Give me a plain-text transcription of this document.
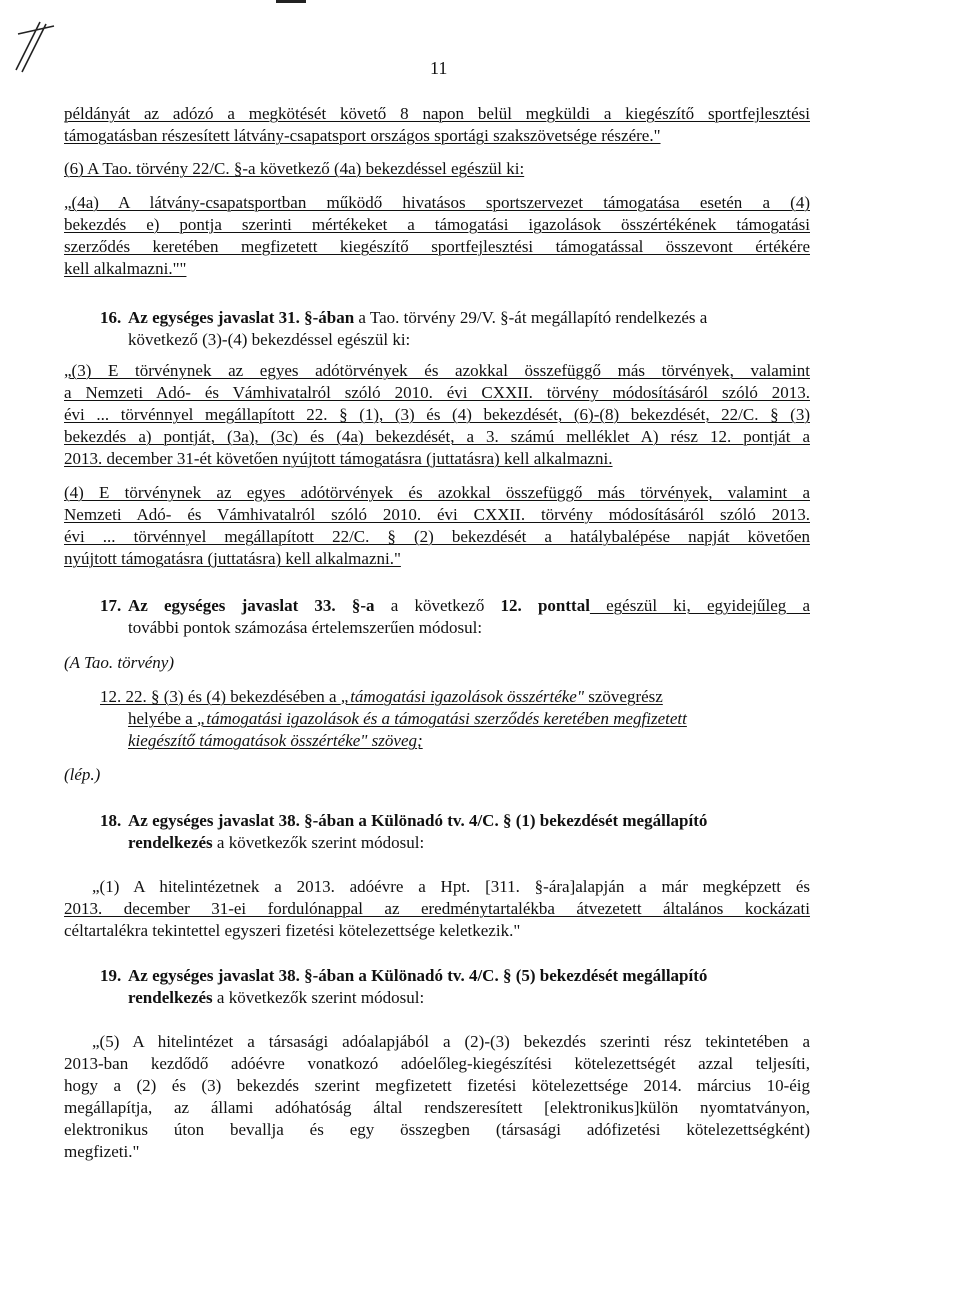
11
példányát az adózó a megkötését követő 8 napon belül megküldi a kiegészítő sportfejlesztési
támogatásban részesített látvány-csapatsport országos sportági szakszövetsége részére."
(6) A Tao. törvény 22/C. §-a következő (4a) bekezdéssel egészül ki:
„(4a) A látvány-csapatsportban működő hivatásos sportszervezet támogatása esetén a (4)
bekezdés e) pontja szerinti mértékeket a támogatási igazolások összértékének támogatási
szerződés keretében megfizetett kiegészítő sportfejlesztési támogatással összevont értékére
kell alkalmazni.""
16. Az egységes javaslat 31. §-ában a Tao. törvény 29/V. §-át megállapító rendelkezés a
következő (3)-(4) bekezdéssel egészül ki:
„(3) E törvénynek az egyes adótörvények és azokkal összefüggő más törvények, valamint
a Nemzeti Adó- és Vámhivatalról szóló 2010. évi CXXII. törvény módosításáról szóló 2013.
évi ... törvénnyel megállapított 22. § (1), (3) és (4) bekezdését, (6)-(8) bekezdését, 22/C. § (3)
bekezdés a) pontját, (3a), (3c) és (4a) bekezdését, a 3. számú melléklet A) rész 12. pontját a
2013. december 31-ét követően nyújtott támogatásra (juttatásra) kell alkalmazni.
(4) E törvénynek az egyes adótörvények és azokkal összefüggő más törvények, valamint a
Nemzeti Adó- és Vámhivatalról szóló 2010. évi CXXII. törvény módosításáról szóló 2013.
évi ... törvénnyel megállapított 22/C. § (2) bekezdését a hatálybalépése napját követően
nyújtott támogatásra (juttatásra) kell alkalmazni."
17. Az egységes javaslat 33. §-a a következő 12. ponttal egészül ki, egyidejűleg a
további pontok számozása értelemszerűen módosul:
(A Tao. törvény)
12. 22. § (3) és (4) bekezdésében a „támogatási igazolások összértéke" szövegrész
helyébe a „támogatási igazolások és a támogatási szerződés keretében megfizetett
kiegészítő támogatások összértéke" szöveg;
(lép.)
18. Az egységes javaslat 38. §-ában a Különadó tv. 4/C. § (1) bekezdését megállapító
rendelkezés a következők szerint módosul:
„(1) A hitelintézetnek a 2013. adóévre a Hpt. [311. §-ára]alapján a már megképzett és
2013. december 31-ei fordulónappal az eredménytartalékba átvezetett általános kockázati
céltartalékra tekintettel egyszeri fizetési kötelezettsége keletkezik."
19. Az egységes javaslat 38. §-ában a Különadó tv. 4/C. § (5) bekezdését megállapító
rendelkezés a következők szerint módosul:
„(5) A hitelintézet a társasági adóalapjából a (2)-(3) bekezdés szerinti rész tekintetében a
2013-ban kezdődő adóévre vonatkozó adóelőleg-kiegészítési kötelezettségét azzal teljesíti,
hogy a (2) és (3) bekezdés szerint megfizetett fizetési kötelezettsége 2014. március 10-éig
megállapítja, az állami adóhatóság által rendszeresített [elektronikus]külön nyomtatványon,
elektronikus úton bevallja és egy összegben (társasági adófizetési kötelezettségként)
megfizeti."
